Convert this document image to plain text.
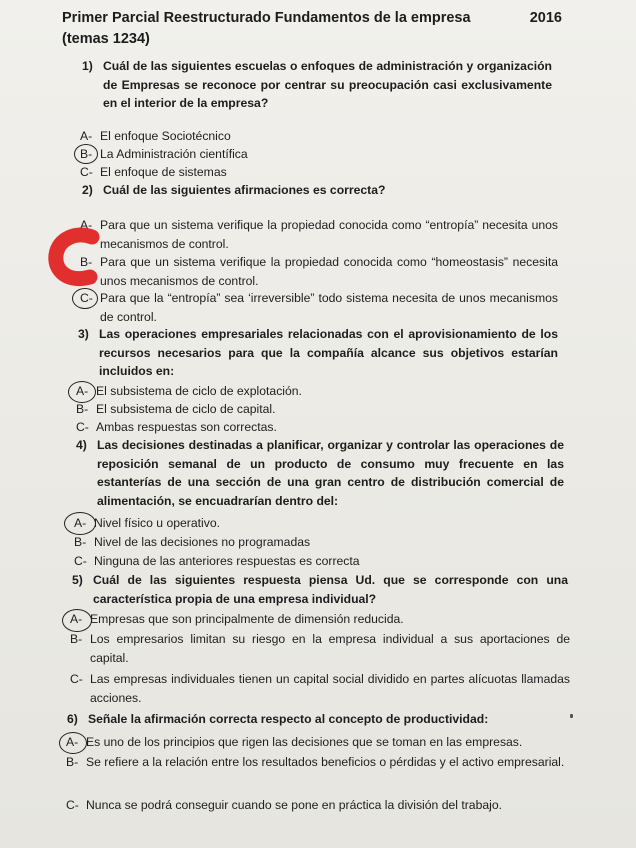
Primer Parcial Reestructurado Fundamentos de la empresa	2016

(temas 1234)
1) Cuál de las siguientes escuelas o enfoques de administración y organización de Empresas se reconoce por centrar su preocupación casi exclusivamente en el interior de la empresa?
A- El enfoque Sociotécnico
B- La Administración científica
C- El enfoque de sistemas
2) Cuál de las siguientes afirmaciones es correcta?
A- Para que un sistema verifique la propiedad conocida como “entropía” necesita unos mecanismos de control.
B- Para que un sistema verifique la propiedad conocida como “homeostasis” necesita unos mecanismos de control.
C- Para que la “entropía” sea ‘irreversible” todo sistema necesita de unos mecanismos de control.
3) Las operaciones empresariales relacionadas con el aprovisionamiento de los recursos necesarios para que la compañía alcance sus objetivos estarían incluidos en:
A- El subsistema de ciclo de explotación.
B- El subsistema de ciclo de capital.
C- Ambas respuestas son correctas.
4) Las decisiones destinadas a planificar, organizar y controlar las operaciones de reposición semanal de un producto de consumo muy frecuente en las estanterías de una sección de una gran centro de distribución comercial de alimentación, se encuadrarían dentro del:
A- Nivel físico u operativo.
B- Nivel de las decisiones no programadas
C- Ninguna de las anteriores respuestas es correcta
5) Cuál de las siguientes respuesta piensa Ud. que se corresponde con una característica propia de una empresa individual?
A- Empresas que son principalmente de dimensión reducida.
B- Los empresarios limitan su riesgo en la empresa individual a sus aportaciones de capital.
C- Las empresas individuales tienen un capital social dividido en partes alícuotas llamadas acciones.
6) Señale la afirmación correcta respecto al concepto de productividad:
A- Es uno de los principios que rigen las decisiones que se toman en las empresas.
B- Se refiere a la relación entre los resultados beneficios o pérdidas y el activo empresarial.
C- Nunca se podrá conseguir cuando se pone en práctica la división del trabajo.
